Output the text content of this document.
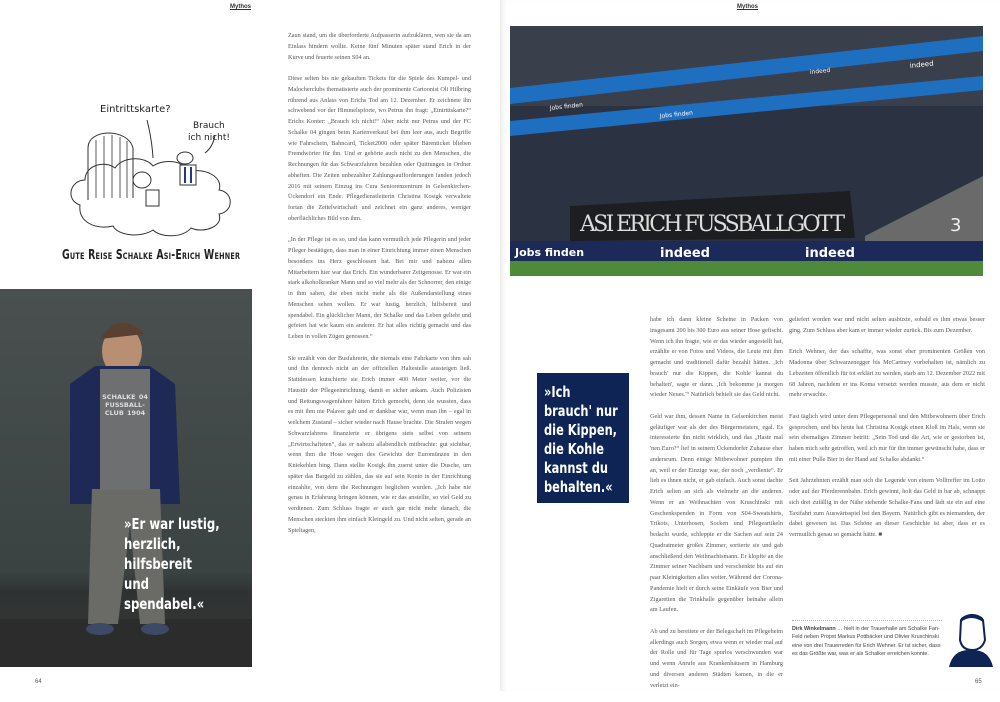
Mythos
Eintrittskarte?
Brauch
ich nicht!
Gute Reise Schalke Asi-Erich Wehner
SCHALKE 04 FUSSBALL-CLUB 1904
»Er war lustig,
herzlich,
hilfsbereit
und spendabel.«

Zaun stand, um die überforderte Aufpasserin aufzuklären, wen sie da am Einlass hindern wollte. Keine fünf Minuten später stand Erich in der Kurve und feuerte seinen S04 an.

Diese selten bis nie gekauften Tickets für die Spiele des Kumpel- und Malocherclubs thematisierte auch der prominente Cartoonist Oli Hilbring rührend aus Anlass von Erichs Tod am 12. Dezember. Er zeichnete ihn schwebend vor der Himmelspforte, wo Petrus ihn fragt: „Eintrittskarte?“ Erichs Konter: „Brauch ich nicht!“ Aber nicht nur Petrus und der FC Schalke 04 gingen beim Kartenverkauf bei ihm leer aus, auch Begriffe wie Fahrschein, Bahncard, Ticket2000 oder später Bärenticket blieben Fremdwörter für ihn. Und er gehörte auch nicht zu den Menschen, die Rechnungen für das Schwarzfahren bezahlen oder Quittungen in Ordner abheften. Die Zeiten unbezahlter Zahlungsaufforderungen fanden jedoch 2016 mit seinem Einzug ins Cura Seniorenzentrum in Gelsenkirchen-Ückendorf ein Ende. Pflegedienstleiterin Christina Kosigk verwaltete fortan die Zettelwirtschaft und zeichnet ein ganz anderes, weniger oberflächliches Bild von ihm.

„In der Pflege ist es so, und das kann vermutlich jede Pflegerin und jeder Pfleger bestätigen, dass man in einer Einrichtung immer einen Menschen besonders ins Herz geschlossen hat. Bei mir und nahezu allen Mitarbeitern hier war das Erich. Ein wunderbarer Zeitgenosse. Er war ein stark alkoholkranker Mann und so viel mehr als der Schnorrer, den einige in ihm sahen, die eben nicht mehr als die Außendarstellung eines Menschen sehen wollen. Er war lustig, herzlich, hilfsbereit und spendabel. Ein glücklicher Mann, der Schalke und das Leben geliebt und gefeiert hat wie kaum ein anderer. Er hat alles richtig gemacht und das Leben in vollen Zügen genossen.“

Sie erzählt von der Busfahrerin, die niemals eine Fahrkarte von ihm sah und ihn dennoch nicht an der offiziellen Haltestelle aussteigen ließ. Stattdessen kutschierte sie Erich immer 400 Meter weiter, vor die Haustür der Pflegeeinrichtung, damit er sicher ankam. Auch Polizisten und Rettungswagenfahrer hätten Erich gemocht, denn sie wussten, dass es mit ihm nie Palaver gab und er dankbar war, wenn man ihn – egal in welchem Zustand – sicher wieder nach Hause brachte. Die Strafen wegen Schwarzfahrens finanzierte er übrigens stets selbst von seinem „Erwirtschafteten“, das er nahezu allabendlich mitbrachte: gut sichtbar, wenn ihm die Hose wegen des Gewichts der Euromünzen in den Kniekehlen hing. Dann stellte Kosigk ihn zuerst unter die Dusche, um später das Bargeld zu zählen, das sie auf sein Konto in der Einrichtung einzahlte, von dem die Rechnungen beglichen wurden. „Ich habe nie genau in Erfahrung bringen können, wie er das anstellte, so viel Geld zu verdienen. Zum Schluss fragte er auch gar nicht mehr danach, die Menschen steckten ihm einfach Kleingeld zu. Und nicht selten, gerade an Spieltagen,

64
Mythos
Jobs finden
indeed
Jobs finden
indeed
ASI ERICH FUSSBALLGOTT	3
Jobs finden	indeed	indeed
»Ich
brauch' nur
die Kippen,
die Kohle
kannst du
behalten.«

habe ich dann kleine Scheine in Packen von insgesamt 200 bis 300 Euro aus seiner Hose gefischt. Wenn ich ihn fragte, wie er das wieder angestellt hat, erzählte er von Fotos und Videos, die Leute mit ihm gemacht und traditionell dafür bezahlt hätten. ‚Ich brauch' nur die Kippen, die Kohle kannst du behalten', sagte er dann. ‚Ich bekomme ja morgen wieder Neues.'“ Natürlich behielt sie das Geld nicht.

Geld war ihm, dessen Name in Gelsenkirchen meist geläufiger war als der des Bürgermeisters, egal. Es interessierte ihn nicht wirklich, und das „Haste mal 'nen Euro?“ lief in seinem Ückendorfer Zuhause eher andersrum. Denn einige Mitbewohner pumpten ihn an, weil er der Einzige war, der noch „verdiente“. Er lieh es ihnen nicht, er gab einfach. Auch sonst dachte Erich selten an sich als vielmehr an die anderen. Wenn er an Weihnachten von Kruschinski mit Geschenkspenden in Form von S04-Sweatshirts, Trikots, Unterhosen, Socken und Pflegeartikeln bedacht wurde, schleppte er die Sachen auf sein 24 Quadratmeter großes Zimmer, sortierte sie und gab anschließend den Weihnachtsmann. Er klopfte an die Zimmer seiner Nachbarn und verschenkte bis auf ein paar Kleinigkeiten alles weiter. Während der Corona-Pandemie hielt er durch seine Einkäufe von Bier und Zigaretten die Trinkhalle gegenüber beinahe allein am Laufen.

Ab und zu bereitete er der Belegschaft im Pflegeheim allerdings auch Sorgen, etwa wenn er wieder mal auf der Rolle und für Tage spurlos verschwunden war und wenn Anrufe aus Krankenhäusern in Hamburg und diversen anderen Städten kamen, in die er verletzt ein-

geliefert worden war und nicht selten ausbüxte, sobald es ihm etwas besser ging. Zum Schluss aber kam er immer wieder zurück. Bis zum Dezember.

Erich Wehner, der das schaffte, was sonst eher prominenten Größen von Madonna über Schwarzenegger bis McCartney vorbehalten ist, nämlich zu Lebzeiten öffentlich für tot erklärt zu werden, starb am 12. Dezember 2022 mit 68 Jahren, nachdem er ins Koma versetzt werden musste, aus dem er nicht mehr erwachte.

Fast täglich wird unter dem Pflegepersonal und den Mitbewohnern über Erich gesprochen, und bis heute hat Christina Kosigk einen Kloß im Hals, wenn sie sein ehemaliges Zimmer betritt: „Sein Tod und die Art, wie er gestorben ist, haben mich sehr getroffen, weil ich mir für ihn immer gewünscht habe, dass er mit einer Pulle Bier in der Hand auf Schalke abdankt.“

Seit Jahrzehnten erzählt man sich die Legende von einem Volltreffer im Lotto oder auf der Pferderennbahn. Erich gewinnt, holt das Geld in bar ab, schnappt sich drei zufällig in der Nähe stehende Schalke-Fans und lädt sie ein auf eine Taxifahrt zum Auswärtsspiel bei den Bayern. Natürlich gibt es niemanden, der dabei gewesen ist. Das Schöne an dieser Geschichte ist aber, dass er es vermutlich genau so gemacht hätte. ■

Dirk Winkelmann … hielt in der Trauerhalle am Schalke Fan-Feld neben Propst Markus Pottbäcker und Olivier Kruschinski eine von drei Trauerreden für Erich Wehner. Er ist sicher, dass es das Größte war, was er als Schalker erreichen konnte.
65
